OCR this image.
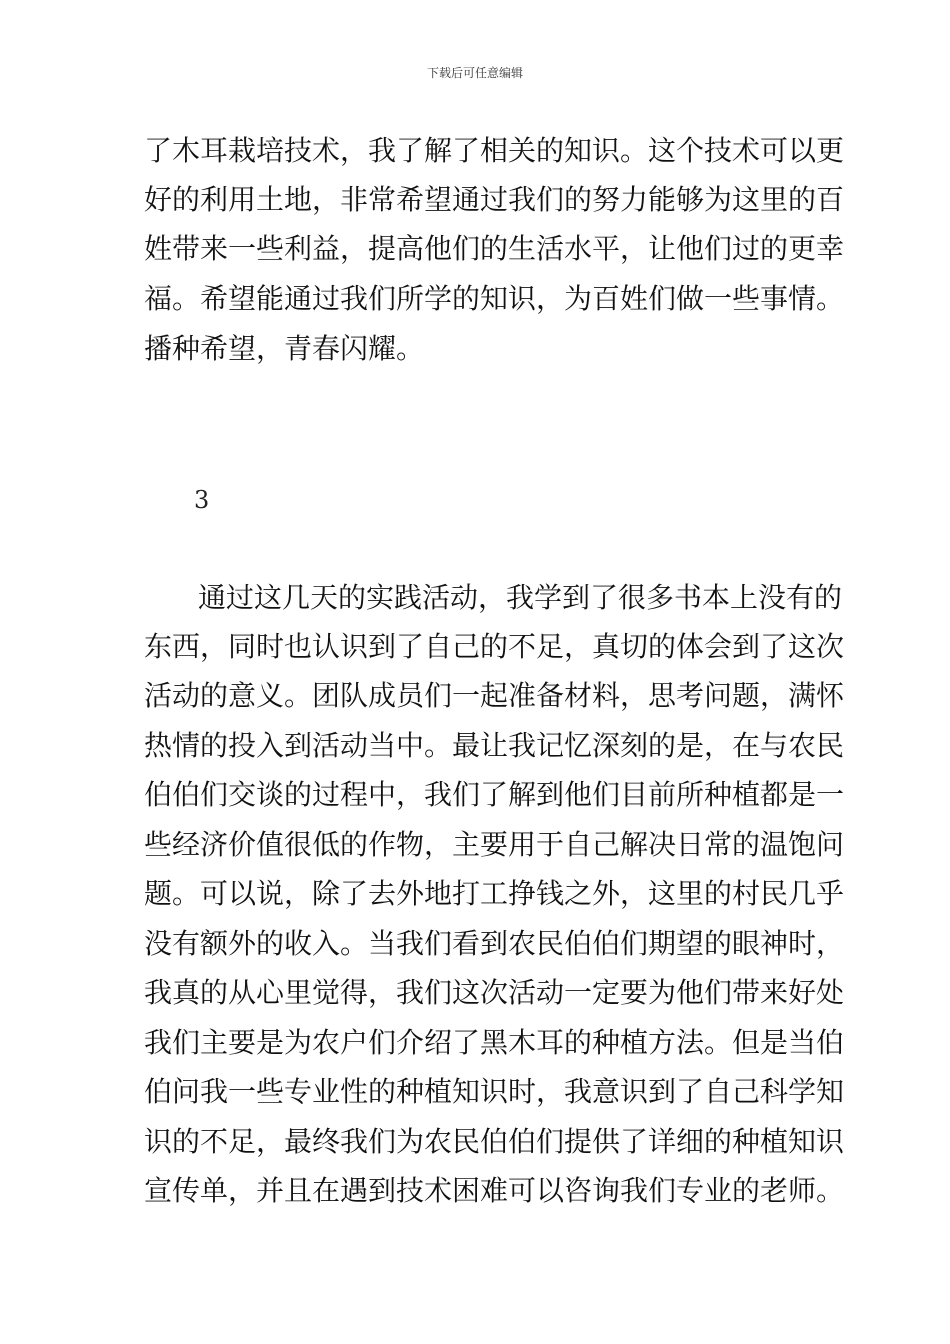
下载后可任意编辑
了木耳栽培技术，我了解了相关的知识。这个技术可以更
好的利用土地，非常希望通过我们的努力能够为这里的百
姓带来一些利益，提高他们的生活水平，让他们过的更幸
福。希望能通过我们所学的知识，为百姓们做一些事情。
播种希望，青春闪耀。
3
通过这几天的实践活动，我学到了很多书本上没有的
东西，同时也认识到了自己的不足，真切的体会到了这次
活动的意义。团队成员们一起准备材料，思考问题，满怀
热情的投入到活动当中。最让我记忆深刻的是，在与农民
伯伯们交谈的过程中，我们了解到他们目前所种植都是一
些经济价值很低的作物，主要用于自己解决日常的温饱问
题。可以说，除了去外地打工挣钱之外，这里的村民几乎
没有额外的收入。当我们看到农民伯伯们期望的眼神时，
我真的从心里觉得，我们这次活动一定要为他们带来好处
我们主要是为农户们介绍了黑木耳的种植方法。但是当伯
伯问我一些专业性的种植知识时，我意识到了自己科学知
识的不足，最终我们为农民伯伯们提供了详细的种植知识
宣传单，并且在遇到技术困难可以咨询我们专业的老师。
